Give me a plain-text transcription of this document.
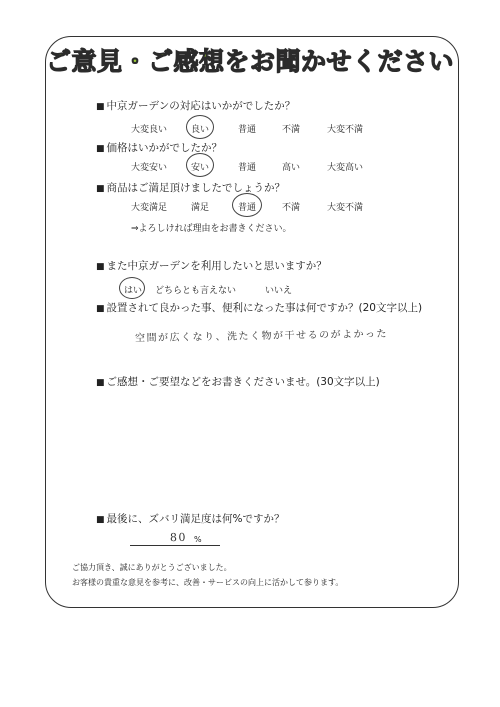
ご意見・ご感想をお聞かせください
■ 中京ガーデンの対応はいかがでしたか？
大変良い	良い	普通	不満	大変不満
■ 価格はいかがでしたか？
大変安い	安い	普通	高い	大変高い
■ 商品はご満足頂けましたでしょうか？
大変満足	満足	普通	不満	大変不満
⇒よろしければ理由をお書きください。
■ また中京ガーデンを利用したいと思いますか？
はい どちらとも言えない	いいえ
■ 設置されて良かった事、便利になった事は何ですか？(20文字以上)
空間が広くなり、洗たく物が干せるのがよかった
■ ご感想・ご要望などをお書きくださいませ。(30文字以上)
■ 最後に、ズバリ満足度は何%ですか？
80 %
ご協力頂き、誠にありがとうございました。
お客様の貴重な意見を参考に、改善・サービスの向上に活かして参ります。
